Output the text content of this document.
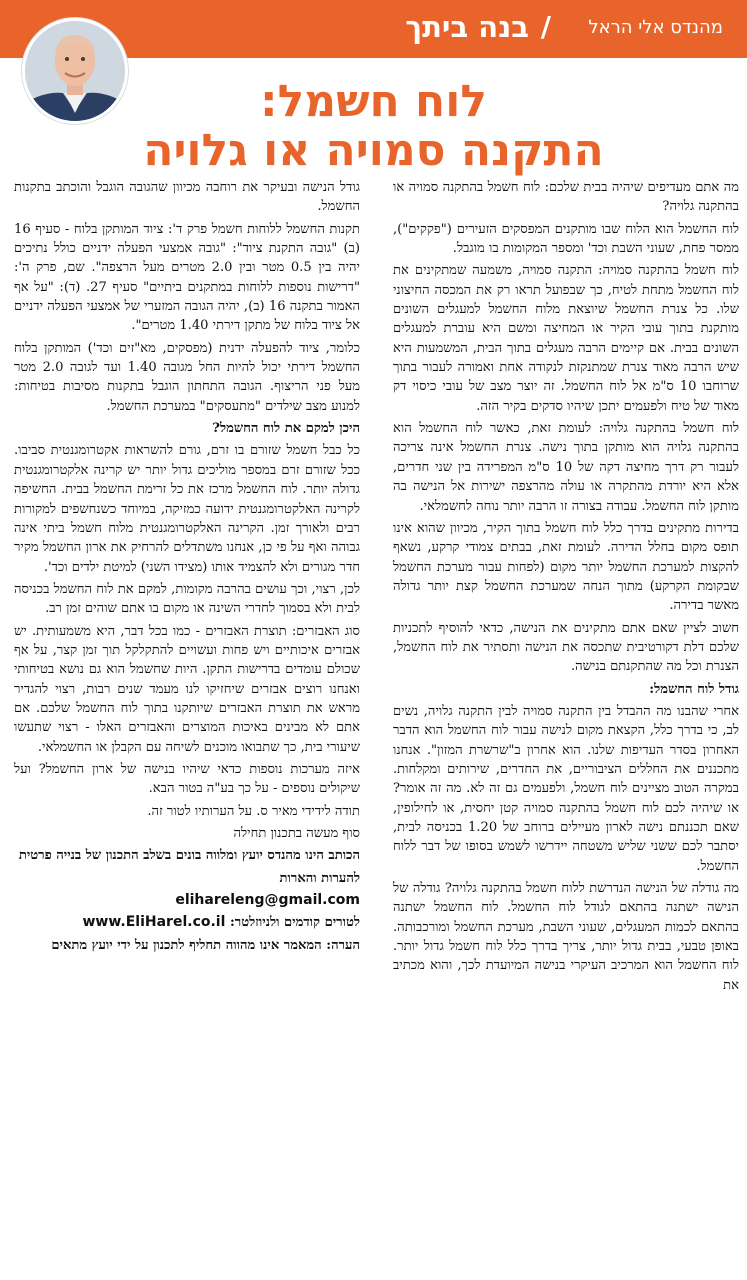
בנה ביתך / מהנדס אלי הראל
לוח חשמל:
התקנה סמויה או גלויה

מה אתם מעדיפים שיהיה בבית שלכם: לוח חשמל בהתקנה סמויה או בהתקנה גלויה?

לוח החשמל הוא הלוח שבו מותקנים המפסקים הזעירים ("פקקים"), ממסר פחת, שעוני השבת וכד' ומספר המקומות בו מוגבל.

לוח חשמל בהתקנה סמויה: התקנה סמויה, משמעה שמתקינים את לוח החשמל מתחת לטיח, כך שבפועל תראו רק את המכסה החיצוני שלו. כל צנרת החשמל שיוצאת מלוח החשמל למעגלים השונים מותקנת בתוך עובי הקיר או המחיצה ומשם היא עוברת למעגלים השונים בבית. אם קיימים הרבה מעגלים בתוך הבית, המשמעות היא שיש הרבה מאוד צנרת שמתנקזת לנקודה אחת ואמורה לעבור בתוך שרוחבו 10 ס"מ אל לוח החשמל. זה יוצר מצב של עובי כיסוי דק מאוד של טיח ולפעמים יתכן שיהיו סדקים בקיר הזה.

לוח חשמל בהתקנה גלויה: לעומת זאת, כאשר לוח החשמל הוא בהתקנה גלויה הוא מותקן בתוך נישה. צנרת החשמל אינה צריכה לעבור רק דרך מחיצה דקה של 10 ס"מ המפרידה בין שני חדרים, אלא היא יורדת מהתקרה או עולה מהרצפה ישירות אל הנישה בה מותקן לוח החשמל. עבודה בצורה זו הרבה יותר נוחה לחשמלאי.

בדירות מתקינים בדרך כלל לוח חשמל בתוך הקיר, מכיוון שהוא אינו תופס מקום בחלל הדירה. לעומת זאת, בבתים צמודי קרקע, נשאף להקצות למערכת החשמל יותר מקום (לפחות עבור מערכת החשמל שבקומת הקרקע) מתוך הנחה שמערכת החשמל קצת יותר גדולה מאשר בדירה.

חשוב לציין שאם אתם מתקינים את הנישה, כדאי להוסיף לתכניות שלכם דלת דקורטיבית שתכסה את הנישה ותסתיר את לוח החשמל, הצנרת וכל מה שהתקנתם בנישה.

גודל לוח החשמל:

אחרי שהבנו מה ההבדל בין התקנה סמויה לבין התקנה גלויה, נשים לב, כי בדרך כלל, הקצאת מקום לנישה עבור לוח החשמל הוא הדבר האחרון בסדר העדיפות שלנו. הוא אחרון ב"שרשרת המזון". אנחנו מתכננים את החללים הציבוריים, את החדרים, שירותים ומקלחות. במקרה הטוב מציינים לוח חשמל, ולפעמים גם זה לא. מה זה אומר? או שיהיה לכם לוח חשמל בהתקנה סמויה קטן יחסית, או לחילופין, שאם תכננתם נישה לארון מעיילים ברוחב של 1.20 בכניסה לבית, יסתבר לכם ששני שליש משטחה יידרשו לשמש בסופו של דבר ללוח החשמל.

מה גודלה של הנישה הנדרשת ללוח חשמל בהתקנה גלויה? גודלה של הנישה ישתנה בהתאם לגודל לוח החשמל. לוח החשמל ישתנה בהתאם לכמות המעגלים, שעוני השבת, מערכת החשמל ומורכבותה. באופן טבעי, בבית גדול יותר, צריך בדרך כלל לוח חשמל גדול יותר. לוח החשמל הוא המרכיב העיקרי בנישה המיועדת לכך, והוא מכתיב את

גודל הנישה ובעיקר את רוחבה מכיוון שהגובה הוגבל והוכתב בתקנות החשמל.

תקנות החשמל ללוחות חשמל פרק ד': ציוד המותקן בלוח - סעיף 16 (ב) "גובה התקנת ציוד": "גובה אמצעי הפעלה ידניים כולל נתיכים יהיה בין 0.5 מטר ובין 2.0 מטרים מעל הרצפה". שם, פרק ה': "דרישות נוספות ללוחות במתקנים ביתיים" סעיף 27. (ד): "על אף האמור בתקנה 16 (ב), יהיה הגובה המזערי של אמצעי הפעלה ידניים אל ציוד בלוח של מתקן דירתי 1.40 מטרים".

כלומר, ציוד להפעלה ידנית (מפסקים, מא"זים וכד') המותקן בלוח החשמל דירתי יכול להיות החל מגובה 1.40 ועד לגובה 2.0 מטר מעל פני הריצוף. הגובה התחתון הוגבל בתקנות מסיבות בטיחות: למנוע מצב שילדים "מתעסקים" במערכת החשמל.

היכן למקם את לוח החשמל?

כל כבל חשמל שזורם בו זרם, גורם להשראות אקטרומגנטית סביבו. ככל שזורם זרם במספר מוליכים גדול יותר יש קרינה אלקטרומגנטית גדולה יותר. לוח החשמל מרכז את כל זרימת החשמל בבית. החשיפה לקרינה האלקטרומגנטית ידועה כמזיקה, במיוחד כשנחשפים למקורות רבים ולאורך זמן. הקרינה האלקטרומגנטית מלוח חשמל ביתי אינה גבוהה ואף על פי כן, אנחנו משתדלים להרחיק את ארון החשמל מקיר חדר מגורים ולא להצמיד אותו (מצידו השני) למיטת ילדים וכד'.

לכן, רצוי, וכך עושים בהרבה מקומות, למקם את לוח החשמל בכניסה לבית ולא בסמוך לחדרי השינה או מקום בו אתם שוהים זמן רב.

סוג האבזרים: תוצרת האבזרים - כמו בכל דבר, היא משמעותית. יש אבזרים איכותיים ויש פחות ועשויים להתקלקל תוך זמן קצר, על אף שכולם עומדים בדרישות התקן. היות שחשמל הוא גם נושא בטיחותי ואנחנו רוצים אבזרים שיחזיקו לנו מעמד שנים רבות, רצוי להגדיר מראש את תוצרת האבזרים שיותקנו בתוך לוח החשמל שלכם. אם אתם לא מבינים באיכות המוצרים והאבזרים האלו - רצוי שתעשו שיעורי בית, כך שתבואו מוכנים לשיחה עם הקבלן או החשמלאי.

איזה מערכות נוספות כדאי שיהיו בנישה של ארון החשמל? ועל שיקולים נוספים - על כך בע"ה בטור הבא.

תודה לידידי מאיר ס. על הערותיו לטור זה.

סוף מעשה בתכנון תחילה

הכותב הינו מהנדס יועץ ומלווה בונים בשלב התכנון של בנייה פרטית

להערות והארות

elihareleng@gmail.com

לטורים קודמים ולניוזלטר: www.EliHarel.co.il

הערה: המאמר אינו מהווה תחליף לתכנון על ידי יועץ מתאים
